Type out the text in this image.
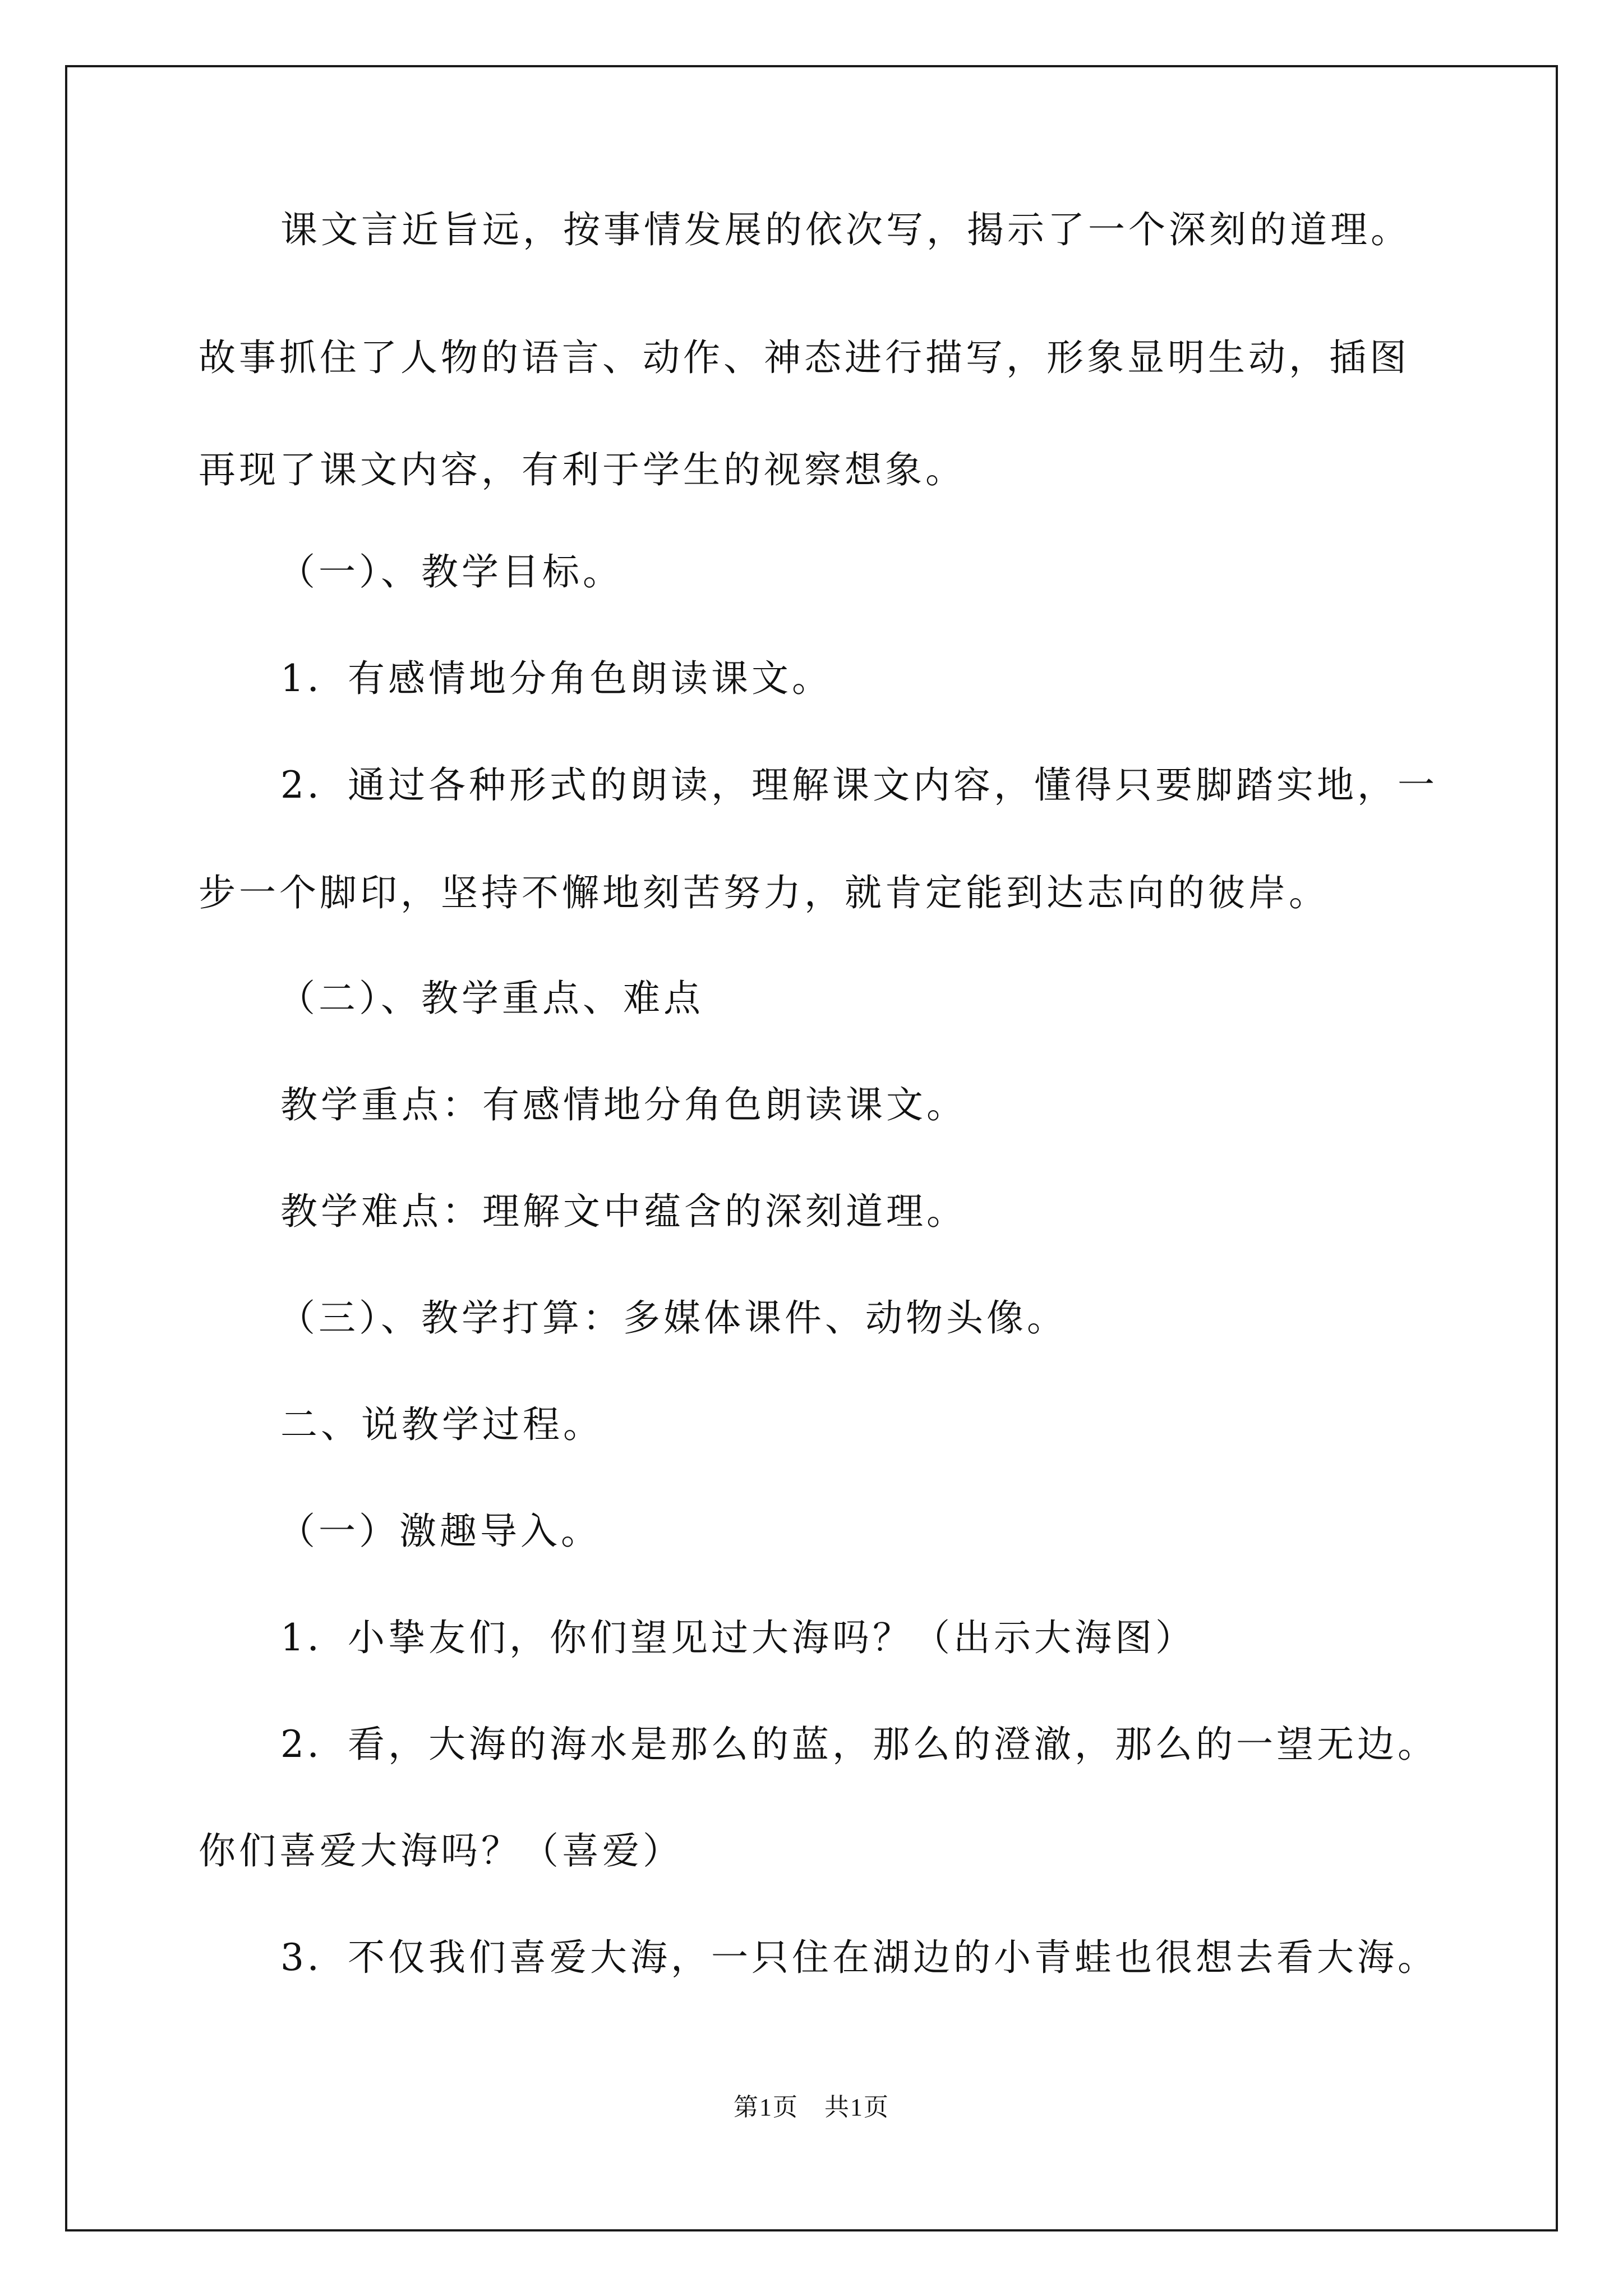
课文言近旨远，按事情发展的依次写，揭示了一个深刻的道理。
故事抓住了人物的语言、动作、神态进行描写，形象显明生动，插图
再现了课文内容，有利于学生的视察想象。
（一）、教学目标。
1．有感情地分角色朗读课文。
2．通过各种形式的朗读，理解课文内容，懂得只要脚踏实地，一
步一个脚印，坚持不懈地刻苦努力，就肯定能到达志向的彼岸。
（二）、教学重点、难点
教学重点：有感情地分角色朗读课文。
教学难点：理解文中蕴含的深刻道理。
（三）、教学打算：多媒体课件、动物头像。
二、说教学过程。
（一）激趣导入。
1．小挚友们，你们望见过大海吗？（出示大海图）
2．看，大海的海水是那么的蓝，那么的澄澈，那么的一望无边。
你们喜爱大海吗？（喜爱）
3．不仅我们喜爱大海，一只住在湖边的小青蛙也很想去看大海。
第1页　共1页
